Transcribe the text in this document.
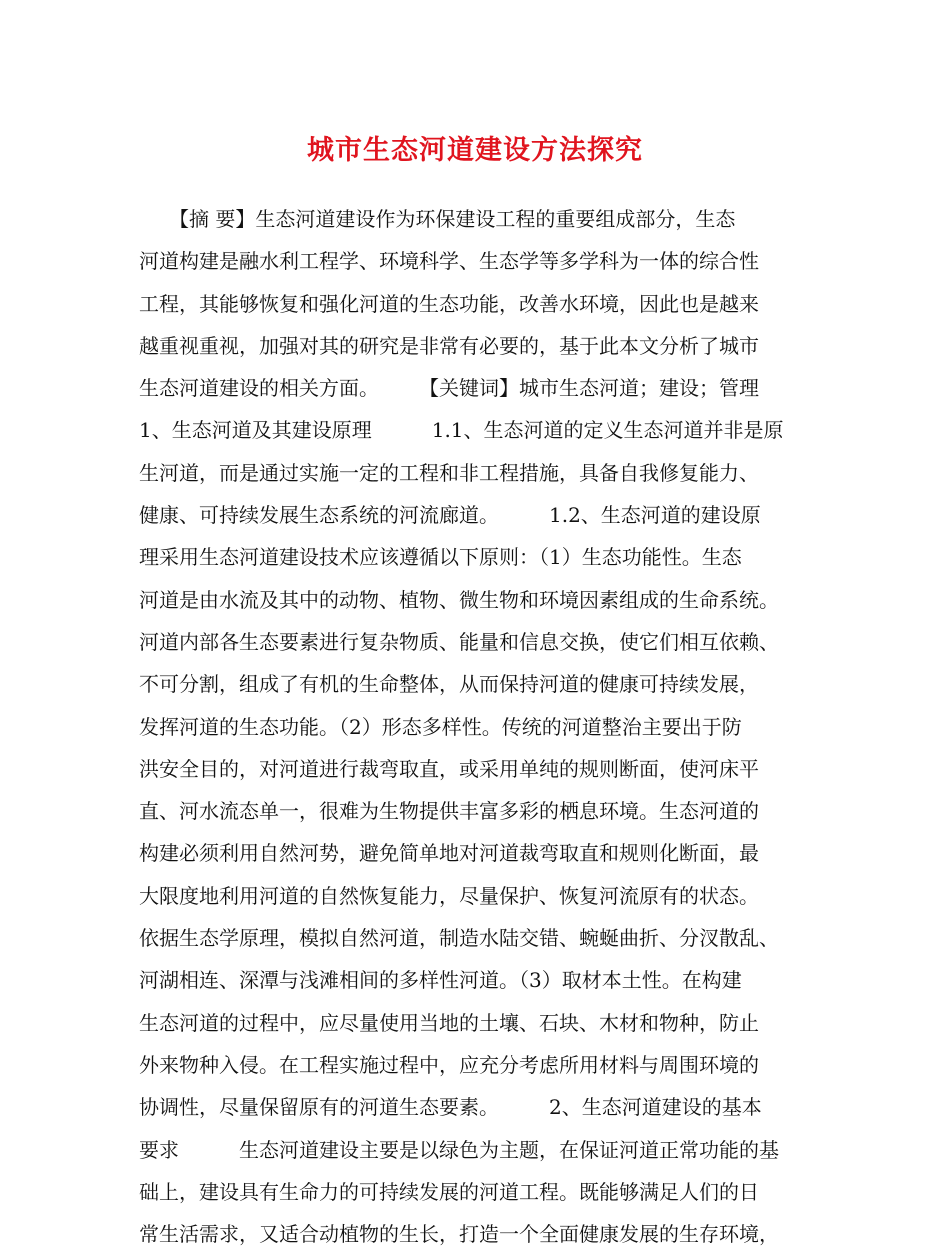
城市生态河道建设方法探究
　　【摘 要】生态河道建设作为环保建设工程的重要组成部分，生态
河道构建是融水利工程学、环境科学、生态学等多学科为一体的综合性
工程，其能够恢复和强化河道的生态功能，改善水环境，因此也是越来
越重视重视，加强对其的研究是非常有必要的，基于此本文分析了城市
生态河道建设的相关方面。　　　【关键词】城市生态河道；建设；管理
1、生态河道及其建设原理　　　1.1、生态河道的定义生态河道并非是原
生河道，而是通过实施一定的工程和非工程措施，具备自我修复能力、
健康、可持续发展生态系统的河流廊道。　　　1.2、生态河道的建设原
理采用生态河道建设技术应该遵循以下原则：（1）生态功能性。生态
河道是由水流及其中的动物、植物、微生物和环境因素组成的生命系统。
河道内部各生态要素进行复杂物质、能量和信息交换，使它们相互依赖、
不可分割，组成了有机的生命整体，从而保持河道的健康可持续发展，
发挥河道的生态功能。（2）形态多样性。传统的河道整治主要出于防
洪安全目的，对河道进行裁弯取直，或采用单纯的规则断面，使河床平
直、河水流态单一，很难为生物提供丰富多彩的栖息环境。生态河道的
构建必须利用自然河势，避免简单地对河道裁弯取直和规则化断面，最
大限度地利用河道的自然恢复能力，尽量保护、恢复河流原有的状态。
依据生态学原理，模拟自然河道，制造水陆交错、蜿蜒曲折、分汊散乱、
河湖相连、深潭与浅滩相间的多样性河道。（3）取材本土性。在构建
生态河道的过程中，应尽量使用当地的土壤、石块、木材和物种，防止
外来物种入侵。在工程实施过程中，应充分考虑所用材料与周围环境的
协调性，尽量保留原有的河道生态要素。　　　2、生态河道建设的基本
要求　　　生态河道建设主要是以绿色为主题，在保证河道正常功能的基
础上，建设具有生命力的可持续发展的河道工程。既能够满足人们的日
常生活需求，又适合动植物的生长，打造一个全面健康发展的生存环境，
